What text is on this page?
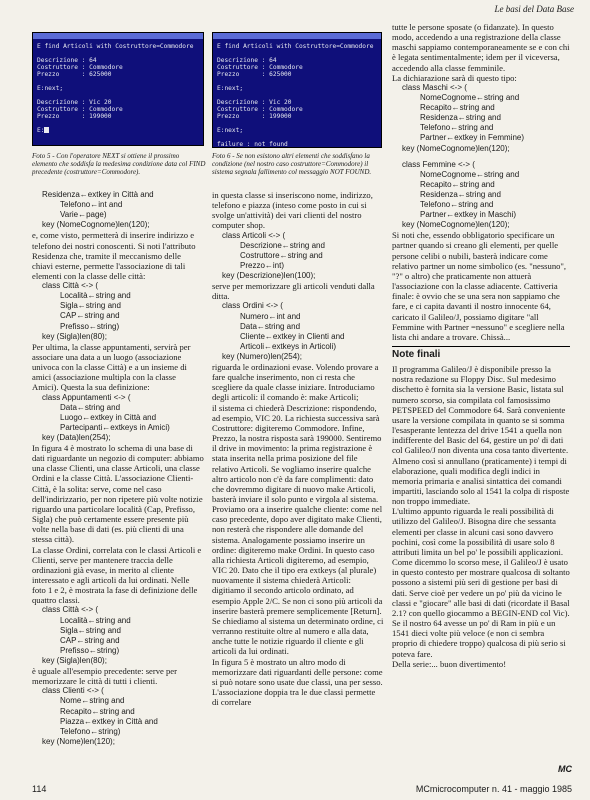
Le basi del Data Base
E find Articoli with Costruttore=Commodore

Descrizione : 64
Costruttore : Commodore
Prezzo      : 625000

E:next;

Descrizione : Vic 20
Costruttore : Commodore
Prezzo      : 199000

E:
E find Articoli with Costruttore=Commodore

Descrizione : 64
Costruttore : Commodore
Prezzo      : 625000

E:next;

Descrizione : Vic 20
Costruttore : Commodore
Prezzo      : 199000

E:next;

failure : not found

Foto 5 - Con l'operatore NEXT si ottiene il prossimo elemento che soddisfa la medesima condizione data col FIND precedente (costruttore=Commodore).
Foto 6 - Se non esistono altri elementi che soddisfano la condizione (nel nostro caso costruttore=Commodore) il sistema segnala fallimento col messaggio NOT FOUND.
Residenza←extkey in Città and
Telefono←int and
Varie←page)
key (NomeCognome)len(120);

e, come visto, permetterà di inserire indirizzo e telefono dei nostri conoscenti. Si noti l'attributo Residenza che, tramite il meccanismo delle chiavi esterne, permette l'associazione di tali elementi con la classe delle città:

class Città <-> (
Località←string and
Sigla←string and
CAP←string and
Prefisso←string)
key (Sigla)len(80);

Per ultima, la classe appuntamenti, servirà per associare una data a un luogo (associazione univoca con la classe Città) e a un insieme di amici (associazione multipla con la classe Amici). Questa la sua definizione:

class Appuntamenti <-> (
Data←string and
Luogo←extkey in Città and
Partecipanti←extkeys in Amici)
key (Data)len(254);

In figura 4 è mostrato lo schema di una base di dati riguardante un negozio di computer: abbiamo una classe Clienti, una classe Articoli, una classe Ordini e la classe Città. L'associazione Clienti-Città, è la solita: serve, come nel caso dell'indirizzario, per non ripetere più volte notizie riguardo una particolare località (Cap, Prefisso, Sigla) che può certamente essere presente più volte nella base di dati (es. più clienti di una stessa città).

La classe Ordini, correlata con le classi Articoli e Clienti, serve per mantenere traccia delle ordinazioni già evase, in merito al cliente interessato e agli articoli da lui ordinati. Nelle foto 1 e 2, è mostrata la fase di definizione delle quattro classi.

class Città <-> (
Località←string and
Sigla←string and
CAP←string and
Prefisso←string)
key (Sigla)len(80);

è uguale all'esempio precedente: serve per memorizzare le città di tutti i clienti.

class Clienti <-> (
Nome←string and
Recapito←string and
Piazza←extkey in Città and
Telefono←string)
key (Nome)len(120);

in questa classe si inseriscono nome, indirizzo, telefono e piazza (inteso come posto in cui si svolge un'attività) dei vari clienti del nostro computer shop.

class Articoli <-> (
Descrizione←string and
Costruttore←string and
Prezzo←int)
key (Descrizione)len(100);

serve per memorizzare gli articoli venduti dalla ditta.

class Ordini <-> (
Numero←int and
Data←string and
Cliente←extkey in Clienti and
Articoli←extkeys in Articoli)
key (Numero)len(254);

riguarda le ordinazioni evase. Volendo provare a fare qualche inserimento, non ci resta che scegliere da quale classe iniziare. Introduciamo degli articoli: il comando è: make Articoli;

il sistema ci chiederà Descrizione: rispondendo, ad esempio, VIC 20. La richiesta successiva sarà Costruttore: digiteremo Commodore. Infine, Prezzo, la nostra risposta sarà 199000. Sentiremo il drive in movimento: la prima registrazione è stata inserita nella prima posizione del file relativo Articoli. Se vogliamo inserire qualche altro articolo non c'è da fare complimenti: dato che dovremmo digitare di nuovo make Articoli, basterà inviare il solo punto e virgola al sistema.

Proviamo ora a inserire qualche cliente: come nel caso precedente, dopo aver digitato make Clienti, non resterà che rispondere alle domande del sistema. Analogamente possiamo inserire un ordine: digiteremo make Ordini. In questo caso alla richiesta Articoli digiteremo, ad esempio, VIC 20. Dato che il tipo era extkeys (al plurale) nuovamente il sistema chiederà Articoli: digitiamo il secondo articolo ordinato, ad esempio Apple 2/C. Se non ci sono più articoli da inserire basterà premere semplicemente [Return].

Se chiediamo al sistema un determinato ordine, ci verranno restituite oltre al numero e alla data, anche tutte le notizie riguardo il cliente e gli articoli da lui ordinati.

In figura 5 è mostrato un altro modo di memorizzare dati riguardanti delle persone: come si può notare sono usate due classi, una per sesso. L'associazione doppia tra le due classi permette di correlare

tutte le persone sposate (o fidanzate). In questo modo, accedendo a una registrazione della classe maschi sappiamo contemporaneamente se e con chi è legata sentimentalmente; idem per il viceversa, accedendo alla classe femminile.

La dichiarazione sarà di questo tipo:

class Maschi <-> (
NomeCognome←string and
Recapito←string and
Residenza←string and
Telefono←string and
Partner←extkey in Femmine)
key (NomeCognome)len(120);
class Femmine <-> (
NomeCognome←string and
Recapito←string and
Residenza←string and
Telefono←string and
Partner←extkey in Maschi)
key (NomeCognome)len(120);

Si noti che, essendo obbligatorio specificare un partner quando si creano gli elementi, per quelle persone celibi o nubili, basterà indicare come relativo partner un nome simbolico (es. "nessuno", "?" o altro) che praticamente non attuerà l'associazione con la classe adiacente. Cattiveria finale: è ovvio che se una sera non sappiamo che fare, e ci capita davanti il nostro innocente 64, caricato il Galileo/J, possiamo digitare "all Femmine with Partner =nessuno" e scegliere nella lista chi andare a trovare. Chissà...

Note finali

Il programma Galileo/J è disponibile presso la nostra redazione su Floppy Disc. Sul medesimo dischetto è fornita sia la versione Basic, listata sul numero scorso, sia compilata col famosissimo PETSPEED del Commodore 64. Sarà conveniente usare la versione compilata in quanto se si somma l'esasperante lentezza del drive 1541 a quella non indifferente del Basic del 64, gestire un po' di dati col Galileo/J non diventa una cosa tanto divertente. Almeno così si annullano (praticamente) i tempi di elaborazione, quali modifica degli indici in memoria primaria e analisi sintattica dei comandi impartiti, lasciando solo al 1541 la colpa di risposte non troppo immediate.

L'ultimo appunto riguarda le reali possibilità di utilizzo del Galileo/J. Bisogna dire che sessanta elementi per classe in alcuni casi sono davvero pochini, così come la possibilità di usare solo 8 attributi limita un bel po' le possibili applicazioni. Come dicemmo lo scorso mese, il Galileo/J è usato in questo contesto per mostrare qualcosa di soltanto possono a sistemi più seri di gestione per basi di dati. Serve cioè per vedere un po' più da vicino le classi e "giocare" alle basi di dati (ricordate il Basal 2.1? con quello giocammo a BEGIN-END col Vic). Se il nostro 64 avesse un po' di Ram in più e un 1541 dieci volte più veloce (e non ci sembra proprio di chiedere troppo) qualcosa di più serio si poteva fare.

Della serie:... buon divertimento!

114	MCmicrocomputer n. 41 - maggio 1985
MC
